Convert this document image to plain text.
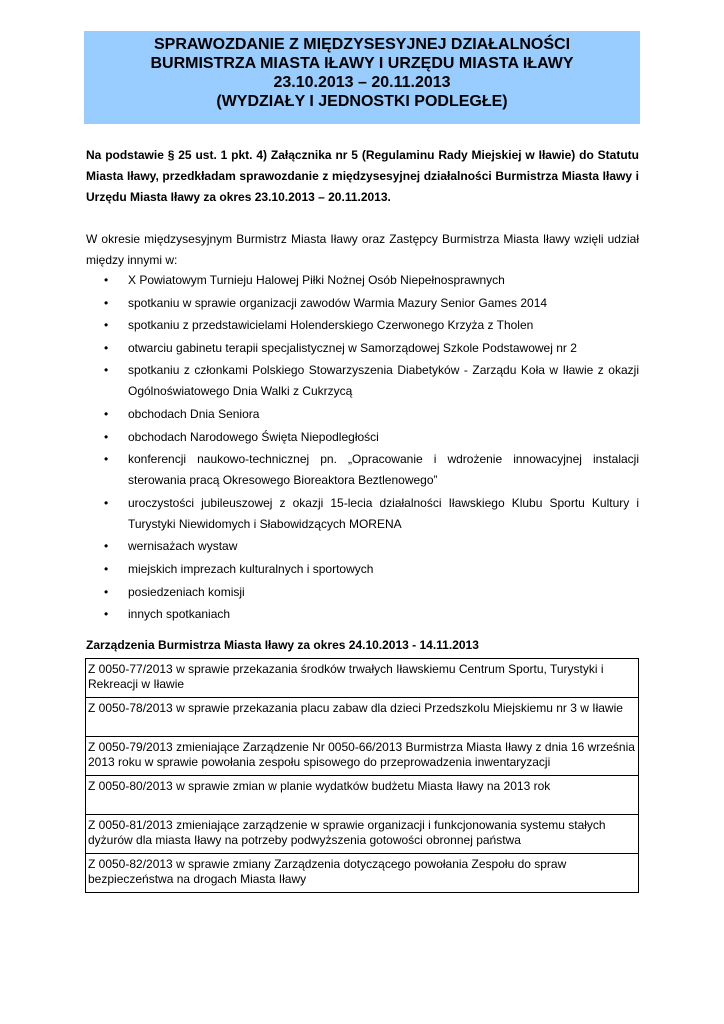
SPRAWOZDANIE Z MIĘDZYSESYJNEJ DZIAŁALNOŚCI
BURMISTRZA MIASTA IŁAWY I URZĘDU MIASTA IŁAWY
23.10.2013 – 20.11.2013
(WYDZIAŁY I JEDNOSTKI PODLEGŁE)
Na podstawie § 25 ust. 1 pkt. 4) Załącznika nr 5 (Regulaminu Rady Miejskiej w Iławie) do Statutu Miasta Iławy, przedkładam sprawozdanie z międzysesyjnej działalności Burmistrza Miasta Iławy i Urzędu Miasta Iławy za okres 23.10.2013 – 20.11.2013.
W okresie międzysesyjnym Burmistrz Miasta Iławy oraz Zastępcy Burmistrza Miasta Iławy wzięli udział między innymi w:
• X Powiatowym Turnieju Halowej Piłki Nożnej Osób Niepełnosprawnych
• spotkaniu w sprawie organizacji zawodów Warmia Mazury Senior Games 2014
• spotkaniu z przedstawicielami Holenderskiego Czerwonego Krzyża z Tholen
• otwarciu gabinetu terapii specjalistycznej w Samorządowej Szkole Podstawowej nr 2
• spotkaniu z członkami Polskiego Stowarzyszenia Diabetyków - Zarządu Koła w Iławie z okazji Ogólnoświatowego Dnia Walki z Cukrzycą
• obchodach Dnia Seniora
• obchodach Narodowego Święta Niepodległości
• konferencji naukowo-technicznej pn. „Opracowanie i wdrożenie innowacyjnej instalacji sterowania pracą Okresowego Bioreaktora Beztlenowego”
• uroczystości jubileuszowej z okazji 15-lecia działalności Iławskiego Klubu Sportu Kultury i Turystyki Niewidomych i Słabowidzących MORENA
• wernisażach wystaw
• miejskich imprezach kulturalnych i sportowych
• posiedzeniach komisji
• innych spotkaniach
Zarządzenia Burmistrza Miasta Iławy za okres 24.10.2013 - 14.11.2013
Z 0050-77/2013 w sprawie przekazania środków trwałych Iławskiemu Centrum Sportu, Turystyki i Rekreacji w Iławie
Z 0050-78/2013 w sprawie przekazania placu zabaw dla dzieci Przedszkolu Miejskiemu nr 3 w Iławie
Z 0050-79/2013 zmieniające Zarządzenie Nr 0050-66/2013 Burmistrza Miasta Iławy z dnia 16 września 2013 roku w sprawie powołania zespołu spisowego do przeprowadzenia inwentaryzacji
Z 0050-80/2013 w sprawie zmian w planie wydatków budżetu Miasta Iławy na 2013 rok
Z 0050-81/2013 zmieniające zarządzenie w sprawie organizacji i funkcjonowania systemu stałych dyżurów dla miasta Iławy na potrzeby podwyższenia gotowości obronnej państwa
Z 0050-82/2013 w sprawie zmiany Zarządzenia dotyczącego powołania Zespołu do spraw bezpieczeństwa na drogach Miasta Iławy
